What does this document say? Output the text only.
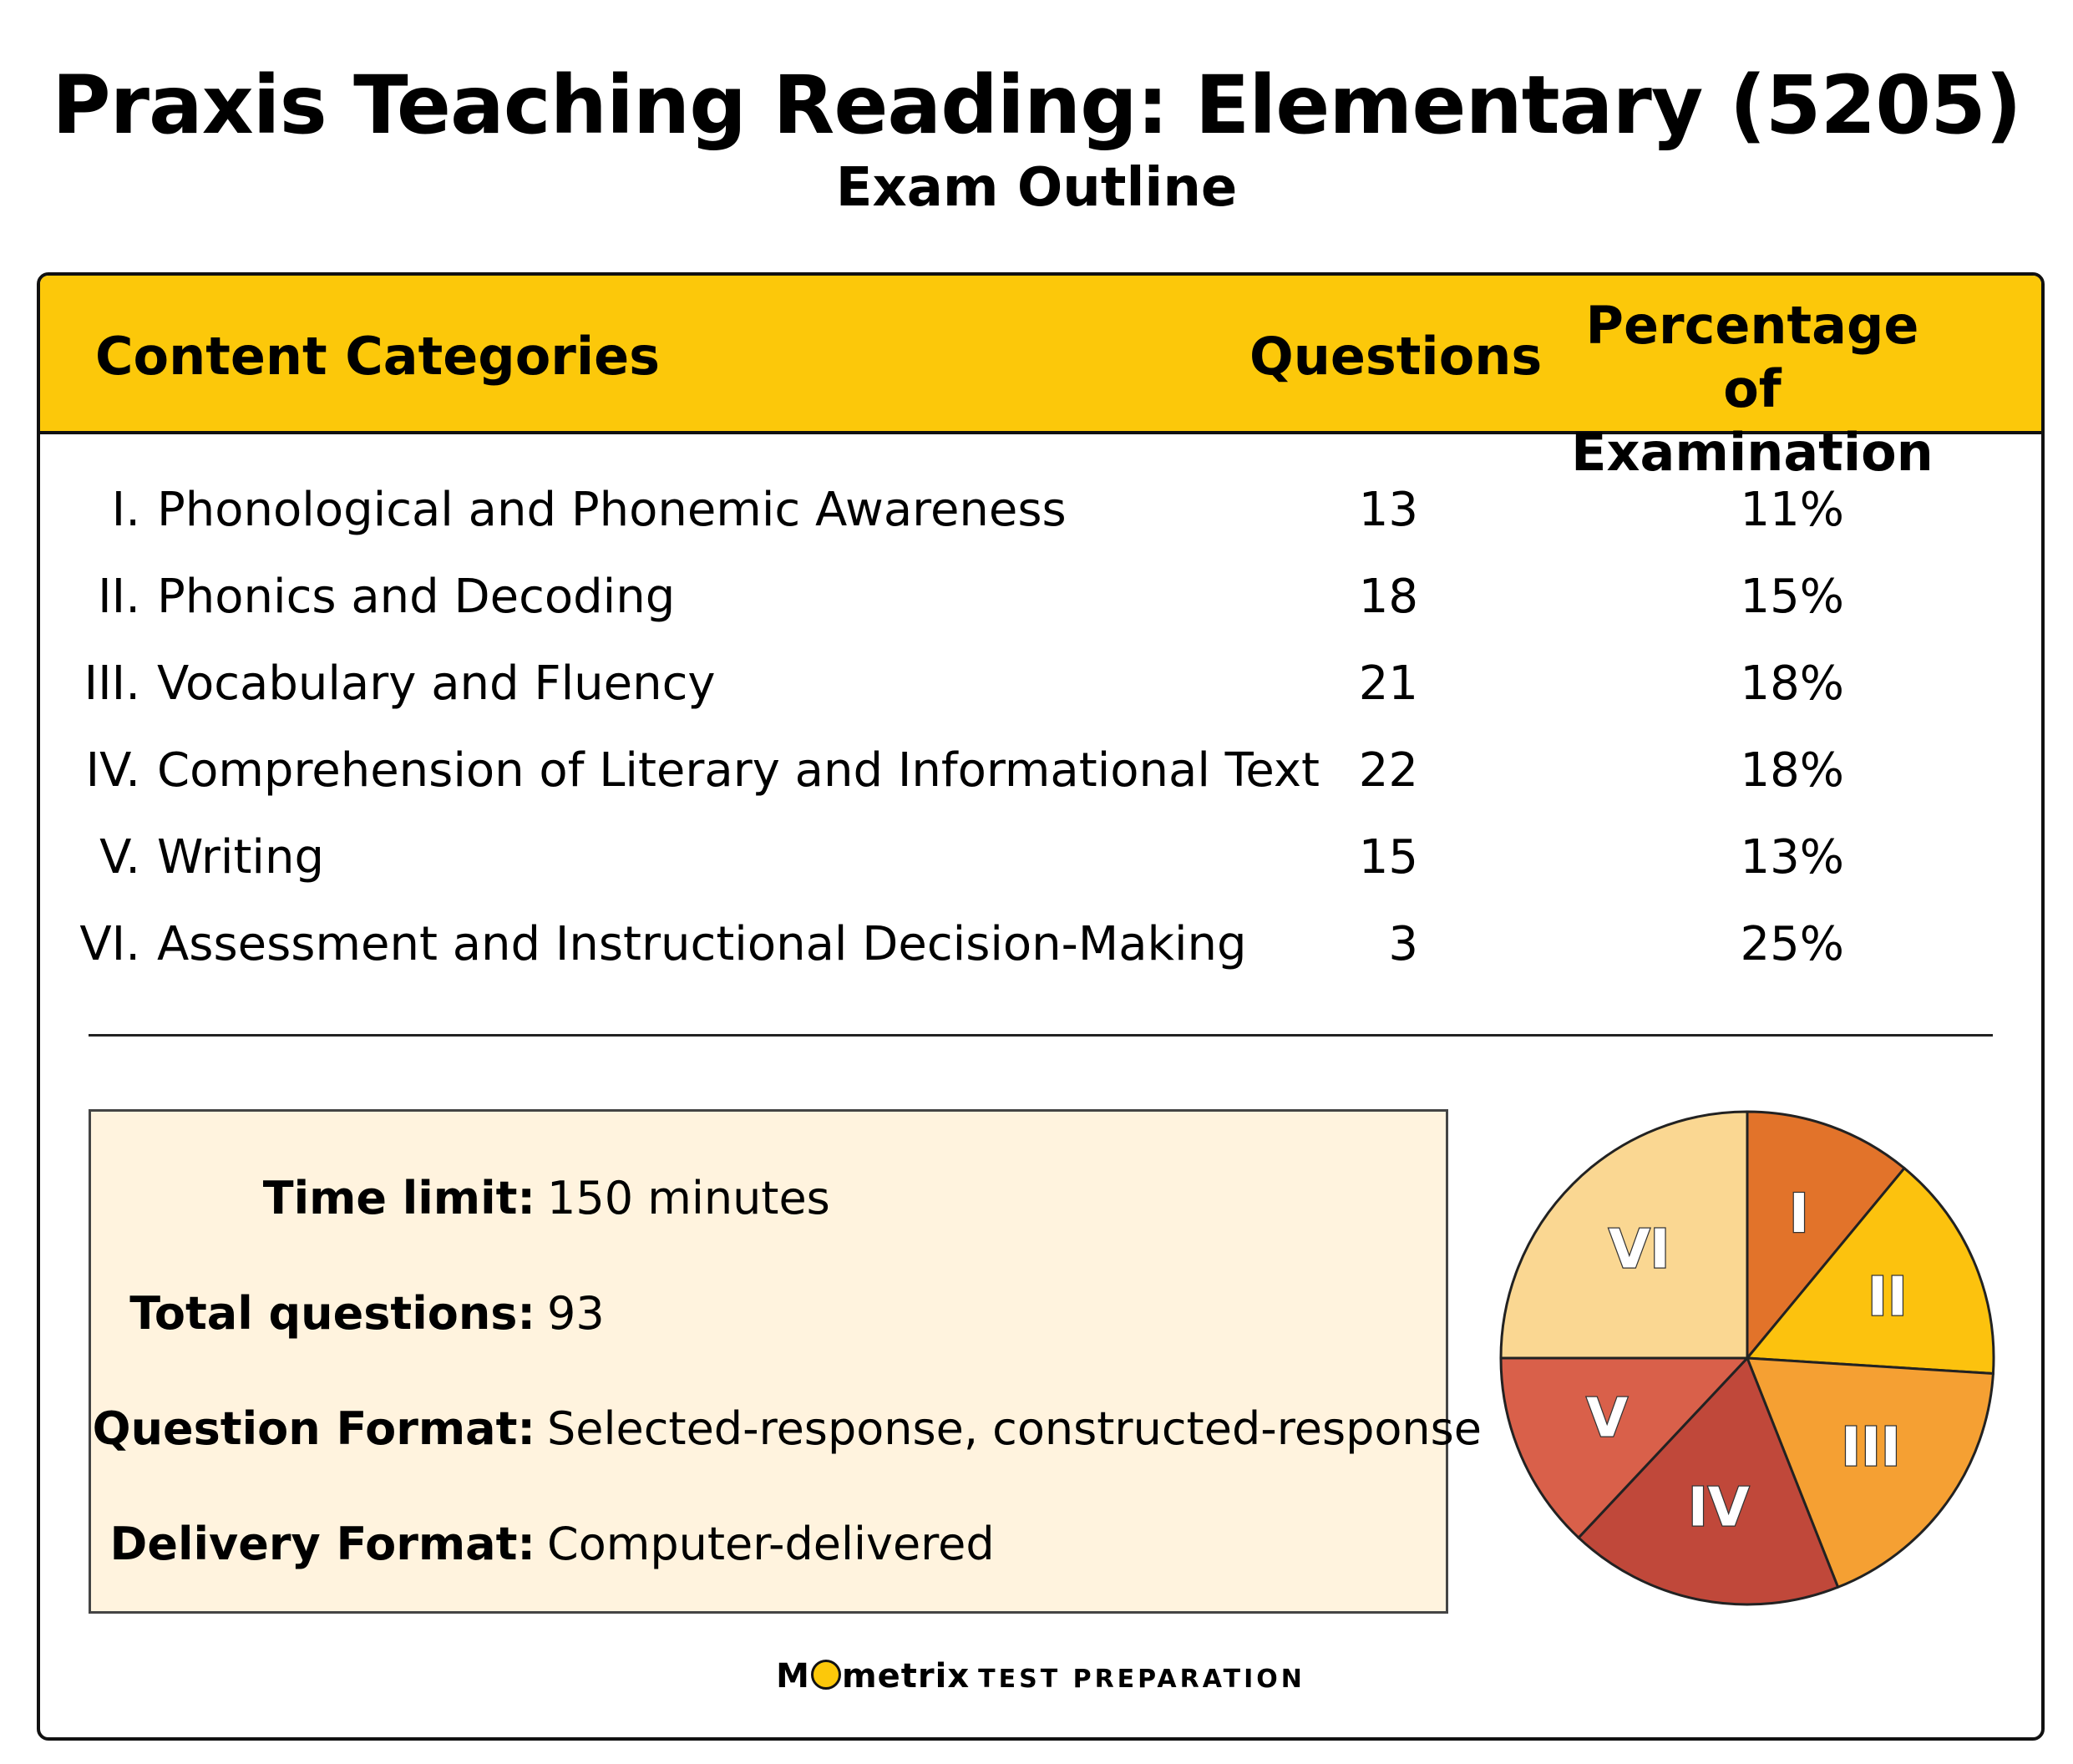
Praxis Teaching Reading: Elementary (5205)
Exam Outline
Content Categories	Questions
Percentage of
Examination
I. Phonological and Phonemic Awareness	13	11%
II. Phonics and Decoding	18	15%
III. Vocabulary and Fluency	21	18%
IV. Comprehension of Literary and Informational Text 22	18%
V. Writing	15	13%
VI. Assessment and Instructional Decision-Making	3	25%
Time limit: 150 minutes
Total questions: 93
Question Format: Selected-response, constructed-response
Delivery Format: Computer-delivered
I
II
III
IV
V
VI
M metrix TEST PREPARATION
